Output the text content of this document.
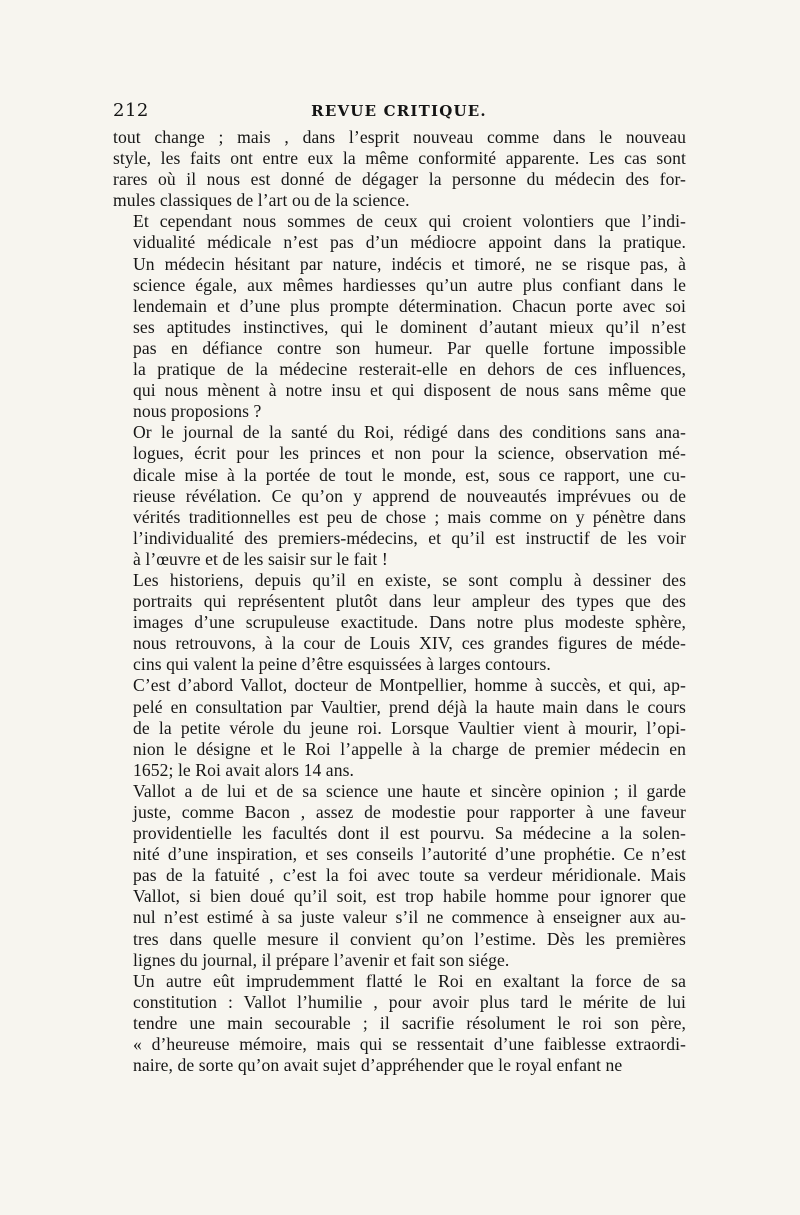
212	REVUE CRITIQUE.

tout change ; mais , dans l’esprit nouveau comme dans le nouveau
style, les faits ont entre eux la même conformité apparente. Les cas sont
rares où il nous est donné de dégager la personne du médecin des for-
mules classiques de l’art ou de la science.

Et cependant nous sommes de ceux qui croient volontiers que l’indi-
vidualité médicale n’est pas d’un médiocre appoint dans la pratique.
Un médecin hésitant par nature, indécis et timoré, ne se risque pas, à
science égale, aux mêmes hardiesses qu’un autre plus confiant dans le
lendemain et d’une plus prompte détermination. Chacun porte avec soi
ses aptitudes instinctives, qui le dominent d’autant mieux qu’il n’est
pas en défiance contre son humeur. Par quelle fortune impossible
la pratique de la médecine resterait-elle en dehors de ces influences,
qui nous mènent à notre insu et qui disposent de nous sans même que
nous proposions ?

Or le journal de la santé du Roi, rédigé dans des conditions sans ana-
logues, écrit pour les princes et non pour la science, observation mé-
dicale mise à la portée de tout le monde, est, sous ce rapport, une cu-
rieuse révélation. Ce qu’on y apprend de nouveautés imprévues ou de
vérités traditionnelles est peu de chose ; mais comme on y pénètre dans
l’individualité des premiers-médecins, et qu’il est instructif de les voir
à l’œuvre et de les saisir sur le fait !

Les historiens, depuis qu’il en existe, se sont complu à dessiner des
portraits qui représentent plutôt dans leur ampleur des types que des
images d’une scrupuleuse exactitude. Dans notre plus modeste sphère,
nous retrouvons, à la cour de Louis XIV, ces grandes figures de méde-
cins qui valent la peine d’être esquissées à larges contours.

C’est d’abord Vallot, docteur de Montpellier, homme à succès, et qui, ap-
pelé en consultation par Vaultier, prend déjà la haute main dans le cours
de la petite vérole du jeune roi. Lorsque Vaultier vient à mourir, l’opi-
nion le désigne et le Roi l’appelle à la charge de premier médecin en
1652; le Roi avait alors 14 ans.

Vallot a de lui et de sa science une haute et sincère opinion ; il garde
juste, comme Bacon , assez de modestie pour rapporter à une faveur
providentielle les facultés dont il est pourvu. Sa médecine a la solen-
nité d’une inspiration, et ses conseils l’autorité d’une prophétie. Ce n’est
pas de la fatuité , c’est la foi avec toute sa verdeur méridionale. Mais
Vallot, si bien doué qu’il soit, est trop habile homme pour ignorer que
nul n’est estimé à sa juste valeur s’il ne commence à enseigner aux au-
tres dans quelle mesure il convient qu’on l’estime. Dès les premières
lignes du journal, il prépare l’avenir et fait son siége.

Un autre eût imprudemment flatté le Roi en exaltant la force de sa
constitution : Vallot l’humilie , pour avoir plus tard le mérite de lui
tendre une main secourable ; il sacrifie résolument le roi son père,
« d’heureuse mémoire, mais qui se ressentait d’une faiblesse extraordi-
naire, de sorte qu’on avait sujet d’appréhender que le royal enfant ne
